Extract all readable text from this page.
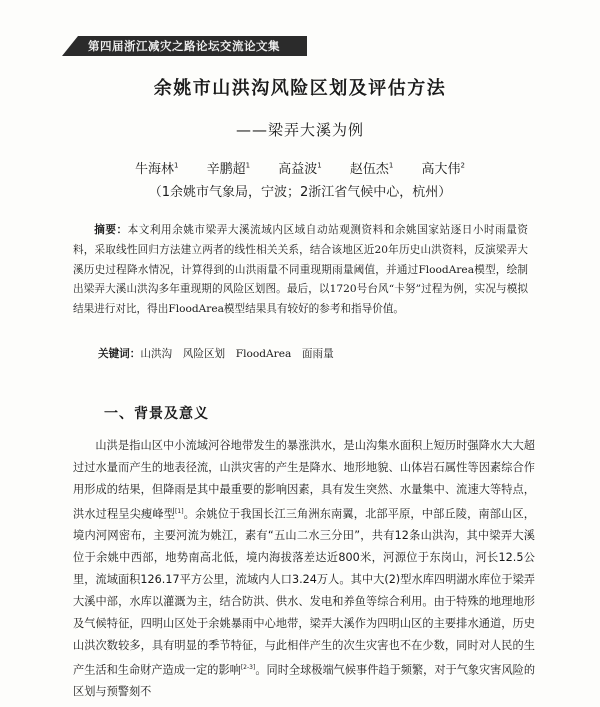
第四届浙江减灾之路论坛交流论文集
余姚市山洪沟风险区划及评估方法
——梁弄大溪为例
牛海林$^1$ 辛鹏超$^1$ 高益波$^1$ 赵伍杰$^1$ 高大伟$^2$
（1余姚市气象局，宁波；2浙江省气候中心，杭州）
摘要：本文利用余姚市梁弄大溪流域内区域自动站观测资料和余姚国家站逐日小时雨量资料，采取线性回归方法建立两者的线性相关关系，结合该地区近20年历史山洪资料，反演梁弄大溪历史过程降水情况，计算得到的山洪雨量不同重现期雨量阈值，并通过FloodArea模型，绘制出梁弄大溪山洪沟多年重现期的风险区划图。最后，以1720号台风“卡努”过程为例，实况与模拟结果进行对比，得出FloodArea模型结果具有较好的参考和指导价值。
关键词：山洪沟　风险区划　FloodArea　面雨量
一、背景及意义
山洪是指山区中小流域河谷地带发生的暴涨洪水，是山沟集水面积上短历时强降水大大超过过水量而产生的地表径流，山洪灾害的产生是降水、地形地貌、山体岩石属性等因素综合作用形成的结果，但降雨是其中最重要的影响因素，具有发生突然、水量集中、流速大等特点，洪水过程呈尖瘦峰型[1]。余姚位于我国长江三角洲东南翼，北部平原，中部丘陵，南部山区，境内河网密布，主要河流为姚江，素有“五山二水三分田”，共有12条山洪沟，其中梁弄大溪位于余姚中西部，地势南高北低，境内海拔落差达近800米，河源位于东岗山，河长12.5公里，流域面积126.17平方公里，流域内人口3.24万人。其中大(2)型水库四明湖水库位于梁弄大溪中部，水库以灌溉为主，结合防洪、供水、发电和养鱼等综合利用。由于特殊的地理地形及气候特征，四明山区处于余姚暴雨中心地带，梁弄大溪作为四明山区的主要排水通道，历史山洪次数较多，具有明显的季节特征，与此相伴产生的次生灾害也不在少数，同时对人民的生产生活和生命财产造成一定的影响[2-3]。同时全球极端气候事件趋于频繁，对于气象灾害风险的区划与预警刻不
